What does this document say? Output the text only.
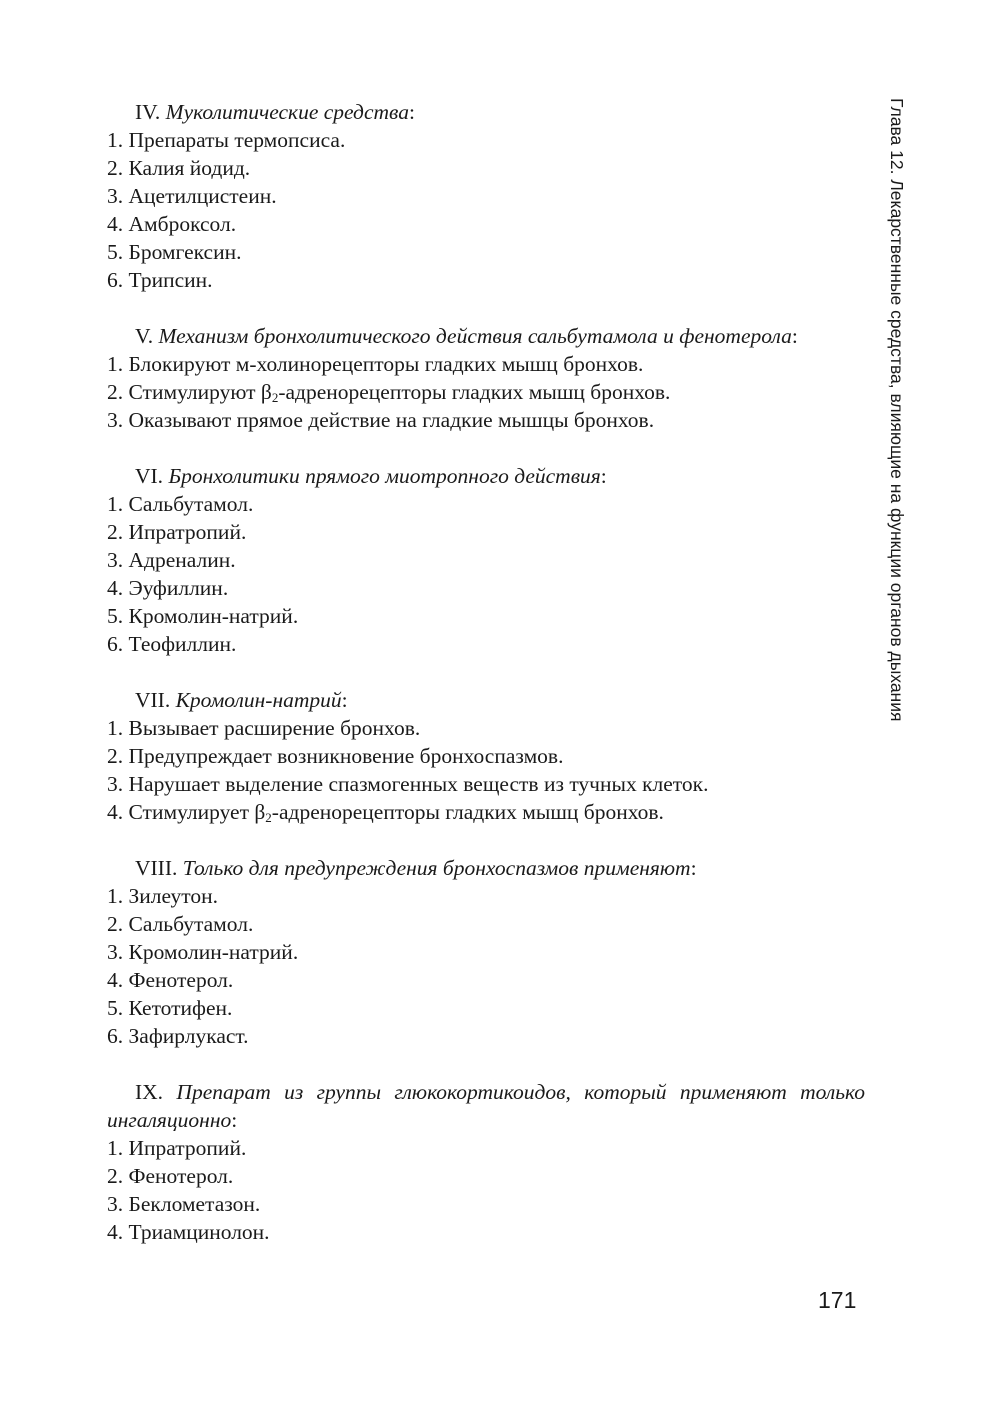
IV. Муколитические средства:

1. Препараты термопсиса.
2. Калия йодид.
3. Ацетилцистеин.
4. Амброксол.
5. Бромгексин.
6. Трипсин.

V. Механизм бронхолитического действия сальбутамола и фенотерола:

1. Блокируют м-холинорецепторы гладких мышц бронхов.
2. Стимулируют $\beta_2$-адренорецепторы гладких мышц бронхов.
3. Оказывают прямое действие на гладкие мышцы бронхов.

VI. Бронхолитики прямого миотропного действия:

1. Сальбутамол.
2. Ипратропий.
3. Адреналин.
4. Эуфиллин.
5. Кромолин-натрий.
6. Теофиллин.

VII. Кромолин-натрий:

1. Вызывает расширение бронхов.
2. Предупреждает возникновение бронхоспазмов.
3. Нарушает выделение спазмогенных веществ из тучных клеток.
4. Стимулирует $\beta_2$-адренорецепторы гладких мышц бронхов.

VIII. Только для предупреждения бронхоспазмов применяют:

1. Зилеутон.
2. Сальбутамол.
3. Кромолин-натрий.
4. Фенотерол.
5. Кетотифен.
6. Зафирлукаст.

IX. Препарат из группы глюкокортикоидов, который применяют только ингаляционно:

1. Ипратропий.
2. Фенотерол.
3. Беклометазон.
4. Триамцинолон.
Глава 12. Лекарственные средства, влияющие на функции органов дыхания
171
